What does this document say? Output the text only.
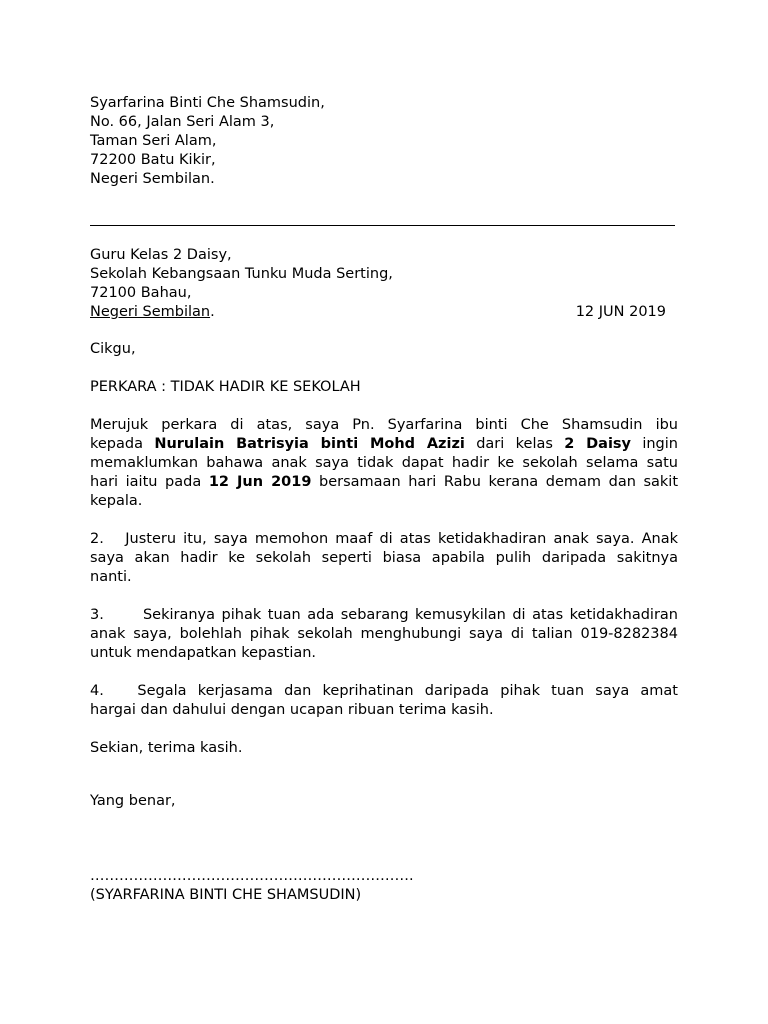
Syarfarina Binti Che Shamsudin,
No. 66, Jalan Seri Alam 3,
Taman Seri Alam,
72200 Batu Kikir,
Negeri Sembilan.
Guru Kelas 2 Daisy,
Sekolah Kebangsaan Tunku Muda Serting,
72100 Bahau,
Negeri Sembilan.	12 JUN 2019
Cikgu,
PERKARA : TIDAK HADIR KE SEKOLAH
Merujuk perkara di atas, saya Pn. Syarfarina binti Che Shamsudin ibu
kepada Nurulain Batrisyia binti Mohd Azizi dari kelas 2 Daisy ingin
memaklumkan bahawa anak saya tidak dapat hadir ke sekolah selama satu
hari iaitu pada 12 Jun 2019 bersamaan hari Rabu kerana demam dan sakit
kepala.
2.   Justeru itu, saya memohon maaf di atas ketidakhadiran anak saya. Anak
saya akan hadir ke sekolah seperti biasa apabila pulih daripada sakitnya
nanti.
3.      Sekiranya pihak tuan ada sebarang kemusykilan di atas ketidakhadiran
anak saya, bolehlah pihak sekolah menghubungi saya di talian 019-8282384
untuk mendapatkan kepastian.
4.   Segala kerjasama dan keprihatinan daripada pihak tuan saya amat
hargai dan dahului dengan ucapan ribuan terima kasih.
Sekian, terima kasih.
Yang benar,
………………………………………………………….
(SYARFARINA BINTI CHE SHAMSUDIN)
